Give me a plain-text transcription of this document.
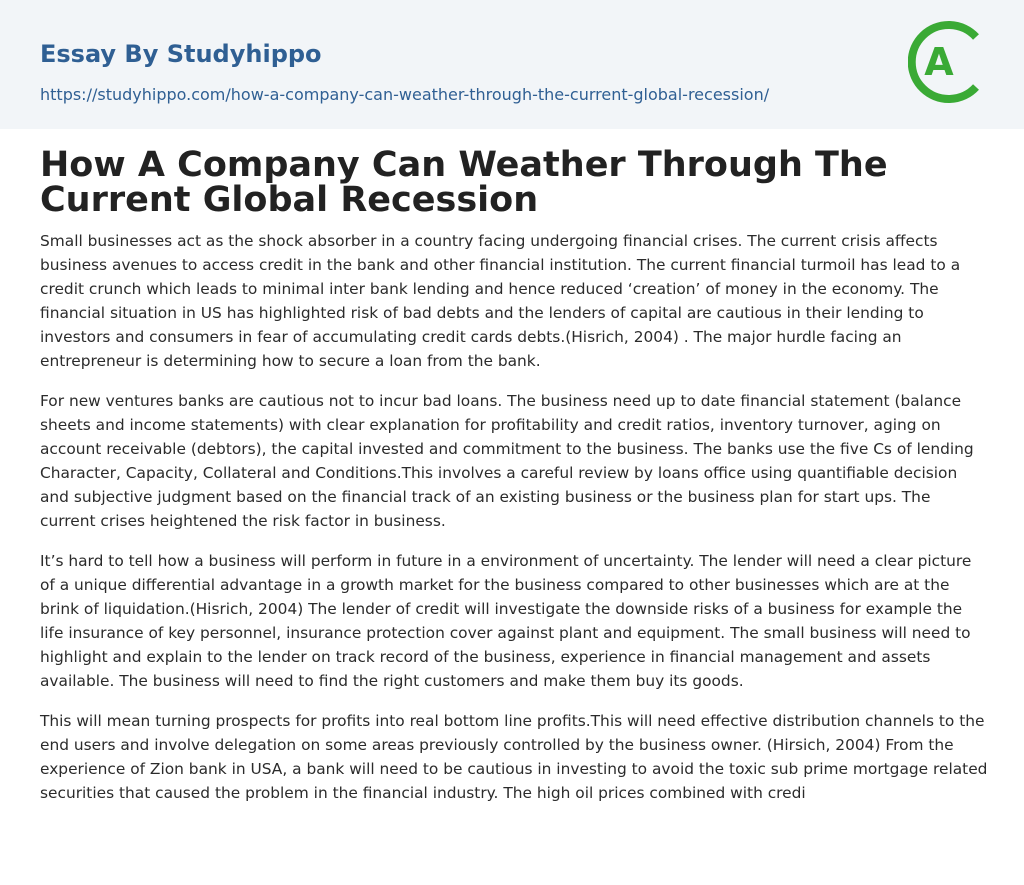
Essay By Studyhippo
https://studyhippo.com/how-a-company-can-weather-through-the-current-global-recession/
A
How A Company Can Weather Through The
Current Global Recession

Small businesses act as the shock absorber in a country facing undergoing financial crises. The current crisis affects business avenues to access credit in the bank and other financial institution. The current financial turmoil has lead to a credit crunch which leads to minimal inter bank lending and hence reduced ‘creation’ of money in the economy. The financial situation in US has highlighted risk of bad debts and the lenders of capital are cautious in their lending to investors and consumers in fear of accumulating credit cards debts.(Hisrich, 2004) . The major hurdle facing an entrepreneur is determining how to secure a loan from the bank.

For new ventures banks are cautious not to incur bad loans. The business need up to date financial statement (balance sheets and income statements) with clear explanation for profitability and credit ratios, inventory turnover, aging on account receivable (debtors), the capital invested and commitment to the business. The banks use the five Cs of lending Character, Capacity, Collateral and Conditions.This involves a careful review by loans office using quantifiable decision and subjective judgment based on the financial track of an existing business or the business plan for start ups. The current crises heightened the risk factor in business.

It’s hard to tell how a business will perform in future in a environment of uncertainty. The lender will need a clear picture of a unique differential advantage in a growth market for the business compared to other businesses which are at the brink of liquidation.(Hisrich, 2004) The lender of credit will investigate the downside risks of a business for example the life insurance of key personnel, insurance protection cover against plant and equipment. The small business will need to highlight and explain to the lender on track record of the business, experience in financial management and assets available. The business will need to find the right customers and make them buy its goods.

This will mean turning prospects for profits into real bottom line profits.This will need effective distribution channels to the end users and involve delegation on some areas previously controlled by the business owner. (Hirsich, 2004) From the experience of Zion bank in USA, a bank will need to be cautious in investing to avoid the toxic sub prime mortgage related securities that caused the problem in the financial industry. The high oil prices combined with credi
